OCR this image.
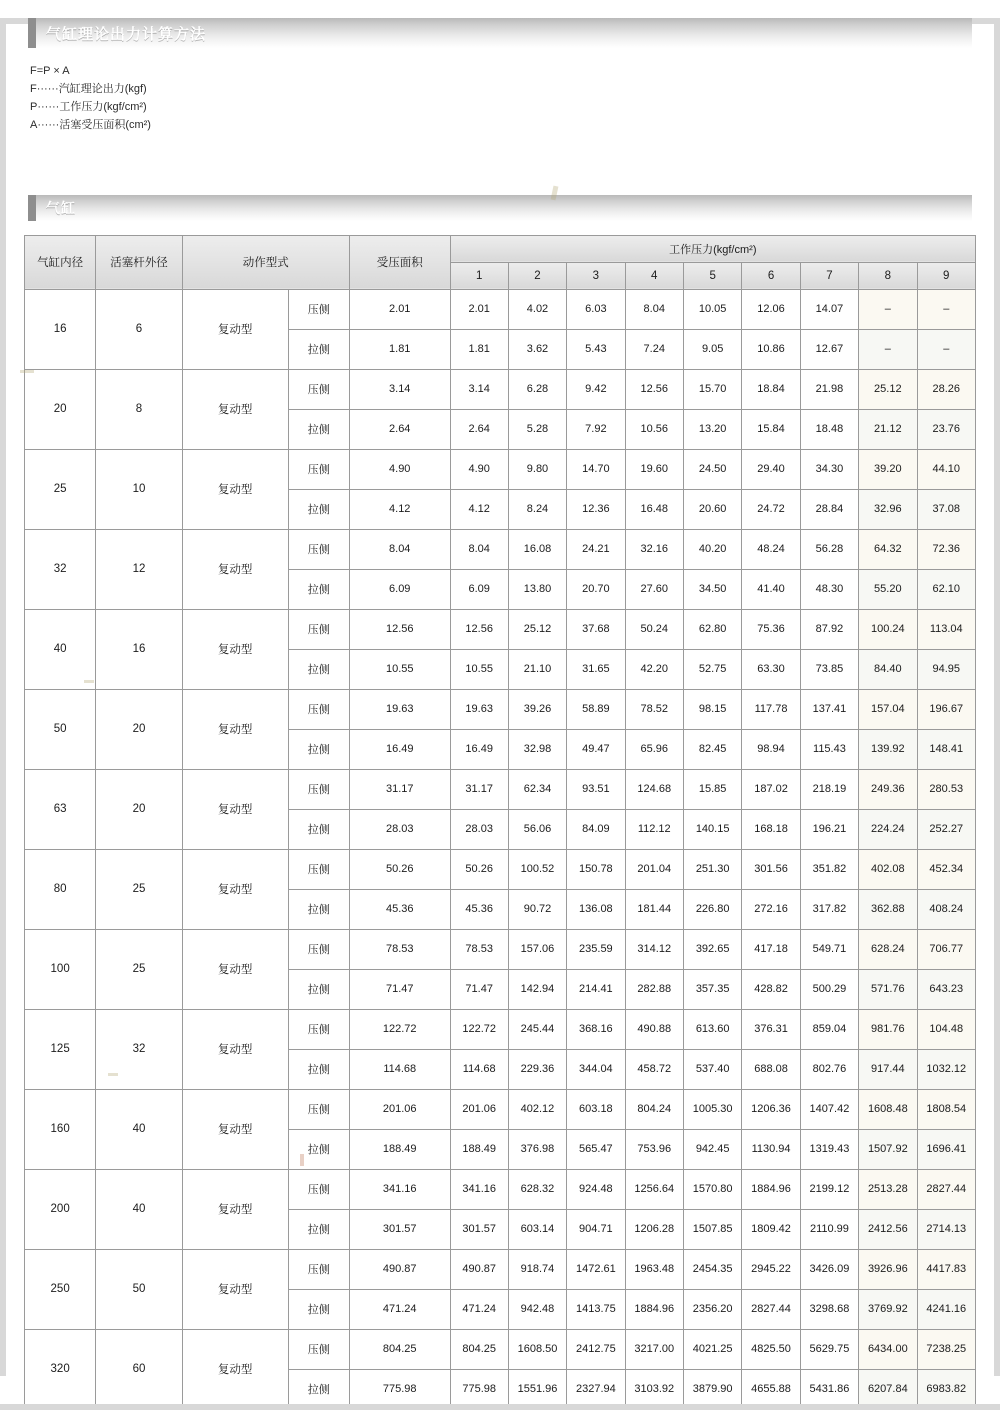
气缸理论出力计算方法
F=P × A
F······汽缸理论出力(kgf)
P······工作压力(kgf/cm²)
A······活塞受压面积(cm²)
气缸
气缸内径	活塞杆外径	动作型式		受压面积	工作压力(kgf/cm²)								
					1	2	3	4	5	6	7	8	9
16	6	复动型	压侧	2.01	2.01	4.02	6.03	8.04	10.05	12.06	14.07	–	–
			拉侧	1.81	1.81	3.62	5.43	7.24	9.05	10.86	12.67	–	–
20	8	复动型	压侧	3.14	3.14	6.28	9.42	12.56	15.70	18.84	21.98	25.12	28.26
			拉侧	2.64	2.64	5.28	7.92	10.56	13.20	15.84	18.48	21.12	23.76
25	10	复动型	压侧	4.90	4.90	9.80	14.70	19.60	24.50	29.40	34.30	39.20	44.10
			拉侧	4.12	4.12	8.24	12.36	16.48	20.60	24.72	28.84	32.96	37.08
32	12	复动型	压侧	8.04	8.04	16.08	24.21	32.16	40.20	48.24	56.28	64.32	72.36
			拉侧	6.09	6.09	13.80	20.70	27.60	34.50	41.40	48.30	55.20	62.10
40	16	复动型	压侧	12.56	12.56	25.12	37.68	50.24	62.80	75.36	87.92	100.24	113.04
			拉侧	10.55	10.55	21.10	31.65	42.20	52.75	63.30	73.85	84.40	94.95
50	20	复动型	压侧	19.63	19.63	39.26	58.89	78.52	98.15	117.78	137.41	157.04	196.67
			拉侧	16.49	16.49	32.98	49.47	65.96	82.45	98.94	115.43	139.92	148.41
63	20	复动型	压侧	31.17	31.17	62.34	93.51	124.68	15.85	187.02	218.19	249.36	280.53
			拉侧	28.03	28.03	56.06	84.09	112.12	140.15	168.18	196.21	224.24	252.27
80	25	复动型	压侧	50.26	50.26	100.52	150.78	201.04	251.30	301.56	351.82	402.08	452.34
			拉侧	45.36	45.36	90.72	136.08	181.44	226.80	272.16	317.82	362.88	408.24
100	25	复动型	压侧	78.53	78.53	157.06	235.59	314.12	392.65	417.18	549.71	628.24	706.77
			拉侧	71.47	71.47	142.94	214.41	282.88	357.35	428.82	500.29	571.76	643.23
125	32	复动型	压侧	122.72	122.72	245.44	368.16	490.88	613.60	376.31	859.04	981.76	104.48
			拉侧	114.68	114.68	229.36	344.04	458.72	537.40	688.08	802.76	917.44	1032.12
160	40	复动型	压侧	201.06	201.06	402.12	603.18	804.24	1005.30	1206.36	1407.42	1608.48	1808.54
			拉侧	188.49	188.49	376.98	565.47	753.96	942.45	1130.94	1319.43	1507.92	1696.41
200	40	复动型	压侧	341.16	341.16	628.32	924.48	1256.64	1570.80	1884.96	2199.12	2513.28	2827.44
			拉侧	301.57	301.57	603.14	904.71	1206.28	1507.85	1809.42	2110.99	2412.56	2714.13
250	50	复动型	压侧	490.87	490.87	918.74	1472.61	1963.48	2454.35	2945.22	3426.09	3926.96	4417.83
			拉侧	471.24	471.24	942.48	1413.75	1884.96	2356.20	2827.44	3298.68	3769.92	4241.16
320	60	复动型	压侧	804.25	804.25	1608.50	2412.75	3217.00	4021.25	4825.50	5629.75	6434.00	7238.25
			拉侧	775.98	775.98	1551.96	2327.94	3103.92	3879.90	4655.88	5431.86	6207.84	6983.82
